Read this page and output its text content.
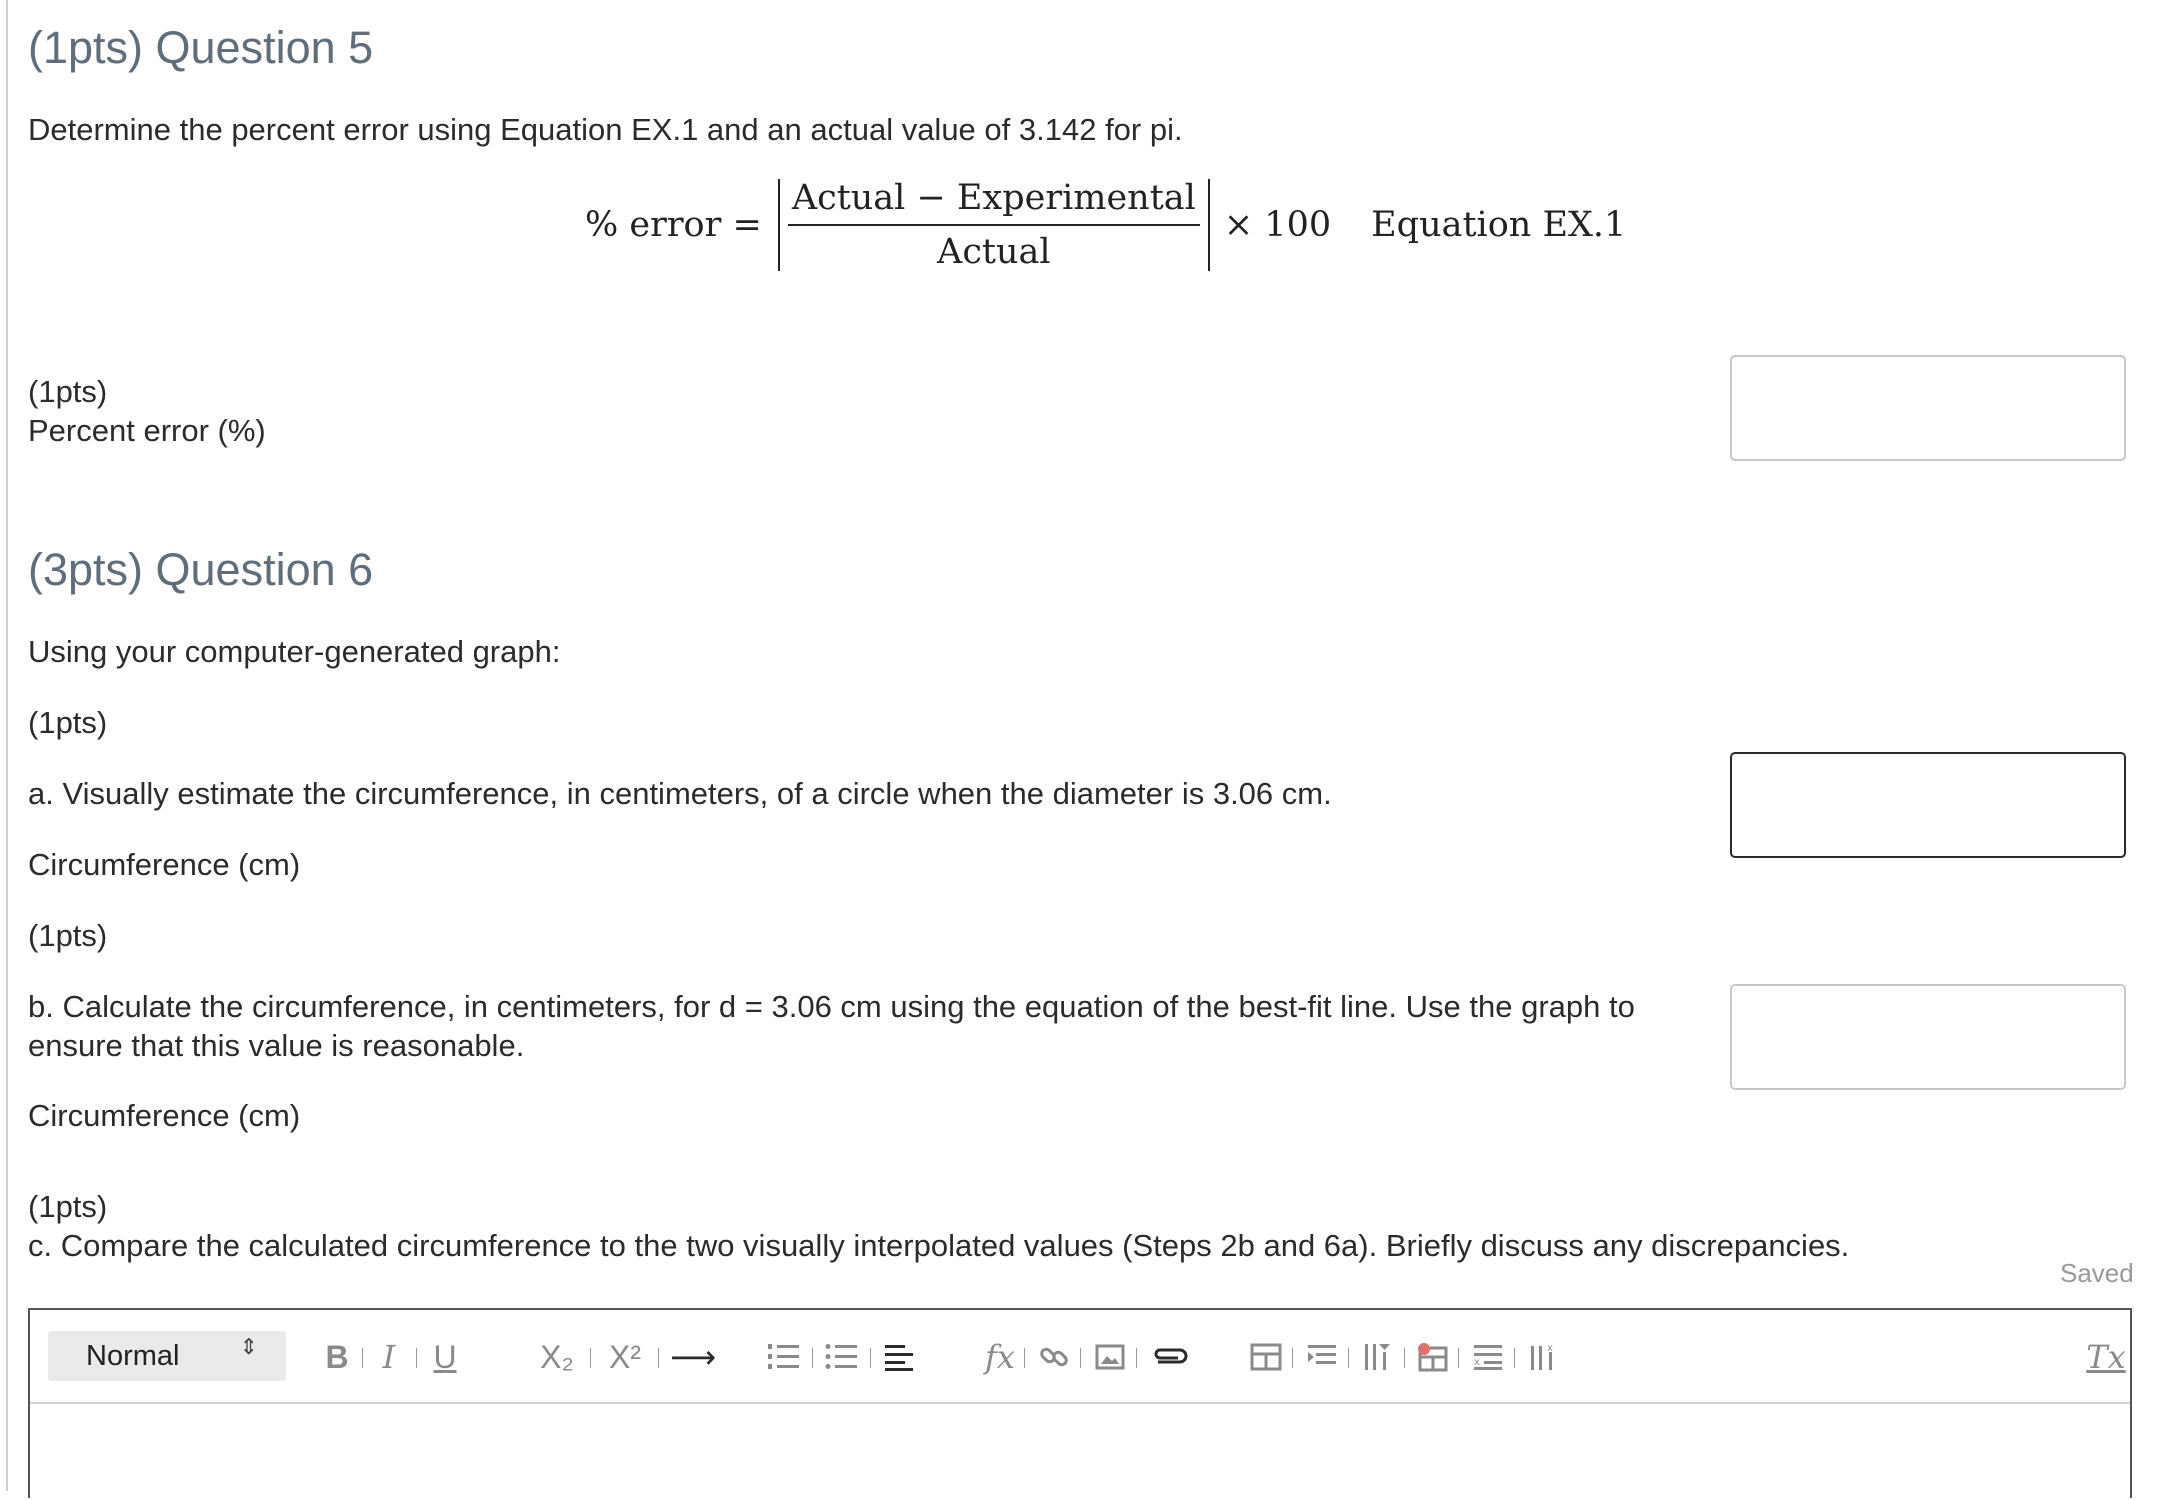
(1pts) Question 5
Determine the percent error using Equation EX.1 and an actual value of 3.142 for pi.
% error = $\frac{\text{Actual − Experimental}}{\text{Actual}} \times 100$ Equation EX.1
(1pts)
Percent error (%)
(3pts) Question 6
Using your computer-generated graph:
(1pts)
a. Visually estimate the circumference, in centimeters, of a circle when the diameter is 3.06 cm.
Circumference (cm)
(1pts)
b. Calculate the circumference, in centimeters, for d = 3.06 cm using the equation of the best-fit line. Use the graph to ensure that this value is reasonable.
Circumference (cm)
(1pts)
c. Compare the calculated circumference to the two visually interpolated values (Steps 2b and 6a). Briefly discuss any discrepancies.
Saved
Normal	⇕ B I U	X₂ X² ⟶	fx	x
x	Tx
